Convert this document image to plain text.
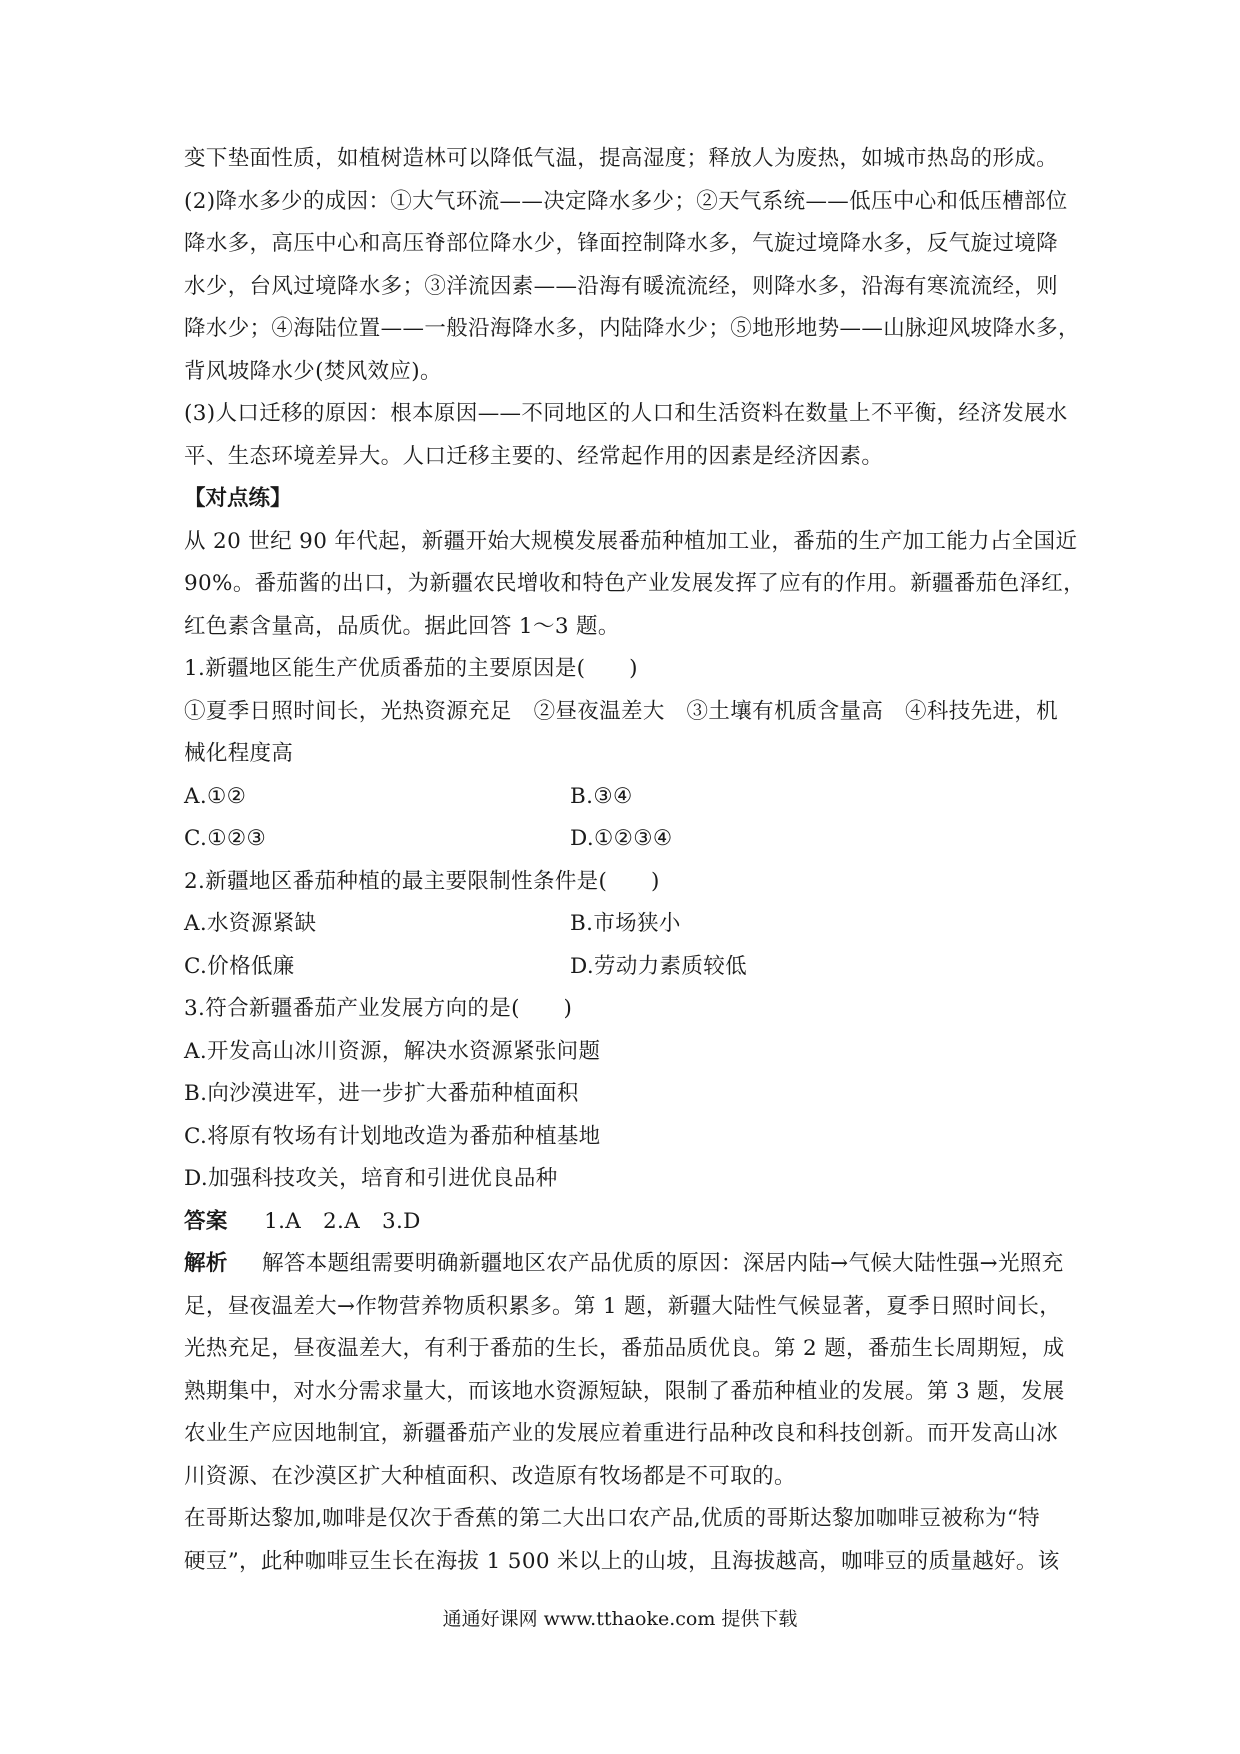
变下垫面性质，如植树造林可以降低气温，提高湿度；释放人为废热，如城市热岛的形成。
(2)降水多少的成因：①大气环流——决定降水多少；②天气系统——低压中心和低压槽部位
降水多，高压中心和高压脊部位降水少，锋面控制降水多，气旋过境降水多，反气旋过境降
水少，台风过境降水多；③洋流因素——沿海有暖流流经，则降水多，沿海有寒流流经，则
降水少；④海陆位置——一般沿海降水多，内陆降水少；⑤地形地势——山脉迎风坡降水多，
背风坡降水少(焚风效应)。
(3)人口迁移的原因：根本原因——不同地区的人口和生活资料在数量上不平衡，经济发展水
平、生态环境差异大。人口迁移主要的、经常起作用的因素是经济因素。
【对点练】
从 20 世纪 90 年代起，新疆开始大规模发展番茄种植加工业，番茄的生产加工能力占全国近
90%。番茄酱的出口，为新疆农民增收和特色产业发展发挥了应有的作用。新疆番茄色泽红，
红色素含量高，品质优。据此回答 1～3 题。
1.新疆地区能生产优质番茄的主要原因是(　　)
①夏季日照时间长，光热资源充足　②昼夜温差大　③土壤有机质含量高　④科技先进，机
械化程度高
A.①②	B.③④
C.①②③	D.①②③④
2.新疆地区番茄种植的最主要限制性条件是(　　)
A.水资源紧缺	B.市场狭小
C.价格低廉	D.劳动力素质较低
3.符合新疆番茄产业发展方向的是(　　)
A.开发高山冰川资源，解决水资源紧张问题
B.向沙漠进军，进一步扩大番茄种植面积
C.将原有牧场有计划地改造为番茄种植基地
D.加强科技攻关，培育和引进优良品种
答案 1.A　2.A　3.D
解析 解答本题组需要明确新疆地区农产品优质的原因：深居内陆→气候大陆性强→光照充
足，昼夜温差大→作物营养物质积累多。第 1 题，新疆大陆性气候显著，夏季日照时间长，
光热充足，昼夜温差大，有利于番茄的生长，番茄品质优良。第 2 题，番茄生长周期短，成
熟期集中，对水分需求量大，而该地水资源短缺，限制了番茄种植业的发展。第 3 题，发展
农业生产应因地制宜，新疆番茄产业的发展应着重进行品种改良和科技创新。而开发高山冰
川资源、在沙漠区扩大种植面积、改造原有牧场都是不可取的。
在哥斯达黎加,咖啡是仅次于香蕉的第二大出口农产品,优质的哥斯达黎加咖啡豆被称为“特
硬豆”，此种咖啡豆生长在海拔 1 500 米以上的山坡，且海拔越高，咖啡豆的质量越好。该
通通好课网 www.tthaoke.com 提供下载
